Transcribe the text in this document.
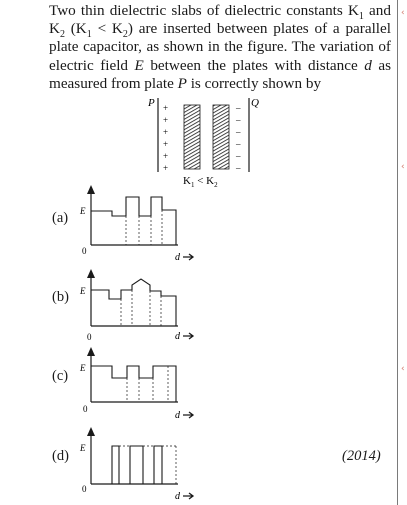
Two thin dielectric slabs of dielectric constants $K_1$ and $K_2$ $(K_1 < K_2)$ are inserted between plates of a parallel plate capacitor, as shown in the figure. The variation of electric field E between the plates with distance d as measured from plate P is correctly shown by

‹
‹
‹
P	Q
+
+
+
+
+
+
–
–
–
–
–
–
$K_1 < K_2$
E
0
d
E
0	d
E
0
d
E
0
d
(a)
(b)
(c)
(d)	(2014)
